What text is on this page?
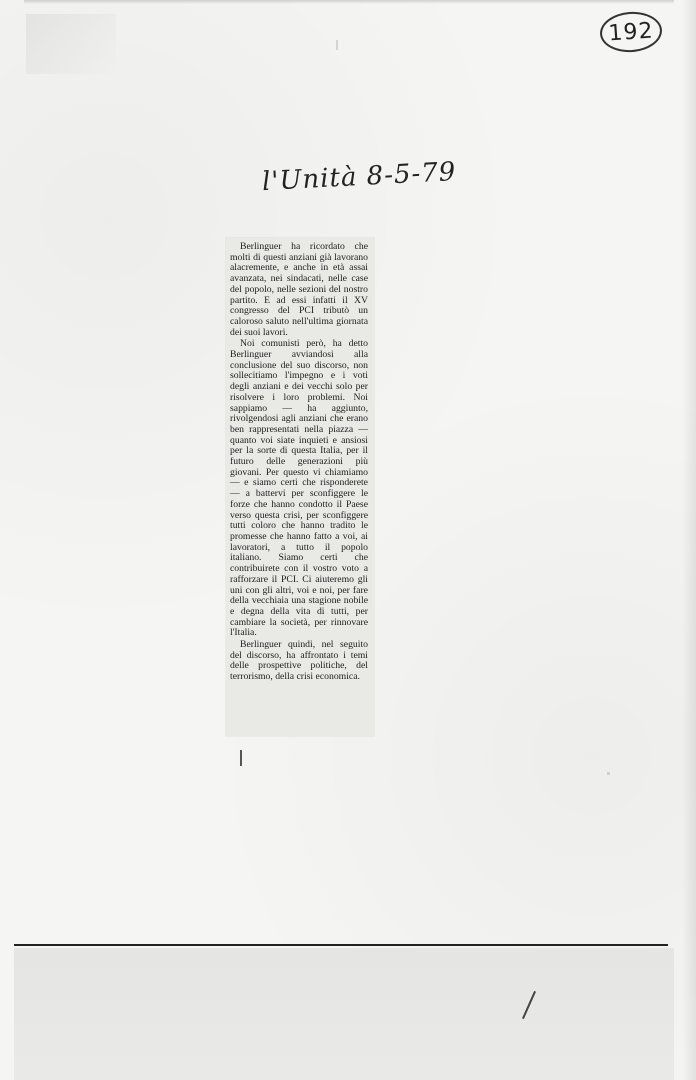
192
l'Unità 8-5-79

Berlinguer ha ricordato che molti di questi anziani già lavorano alacremente, e anche in età assai avanzata, nei sindacati, nelle case del popolo, nelle sezioni del nostro partito. E ad essi infatti il XV congresso del PCI tributò un caloroso saluto nell'ultima giornata dei suoi lavori.

Noi comunisti però, ha detto Berlinguer avviandosi alla conclusione del suo discorso, non sollecitiamo l'impegno e i voti degli anziani e dei vecchi solo per risolvere i loro problemi. Noi sappiamo — ha aggiunto, rivolgendosi agli anziani che erano ben rappresentati nella piazza — quanto voi siate inquieti e ansiosi per la sorte di questa Italia, per il futuro delle generazioni più giovani. Per questo vi chiamiamo — e siamo certi che risponderete — a battervi per sconfiggere le forze che hanno condotto il Paese verso questa crisi, per sconfiggere tutti coloro che hanno tradito le promesse che hanno fatto a voi, ai lavoratori, a tutto il popolo italiano. Siamo certi che contribuirete con il vostro voto a rafforzare il PCI. Ci aiuteremo gli uni con gli altri, voi e noi, per fare della vecchiaia una stagione nobile e degna della vita di tutti, per cambiare la società, per rinnovare l'Italia.

Berlinguer quindi, nel seguito del discorso, ha affrontato i temi delle prospettive politiche, del terrorismo, della crisi economica.
